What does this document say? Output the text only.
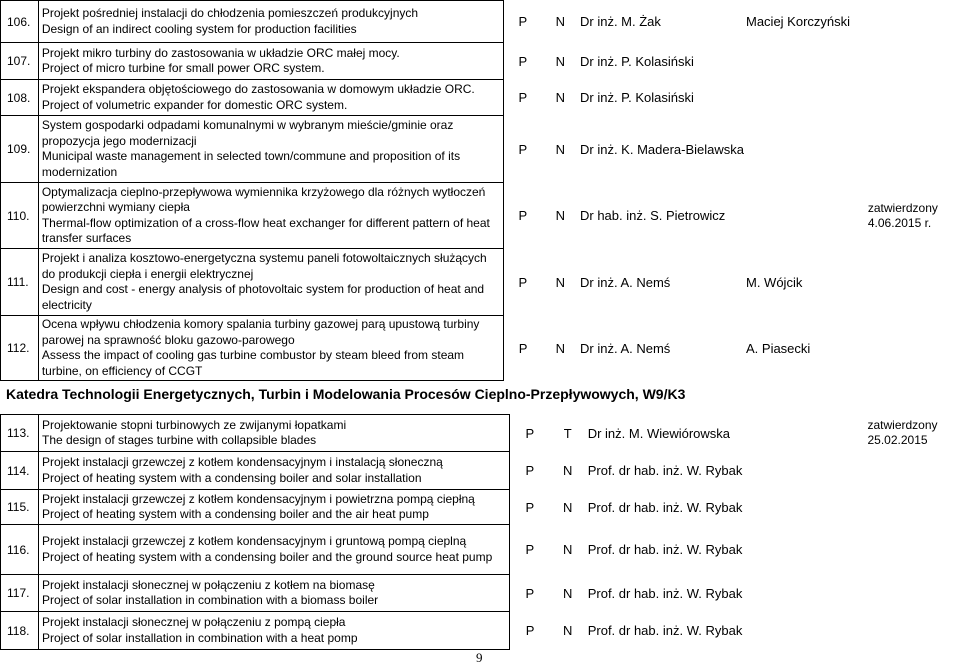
106.	Projekt pośredniej instalacji do chłodzenia pomieszczeń produkcyjnych
Design of an indirect cooling system for production facilities	P	N	Dr inż. M. Żak	Maciej Korczyński	
107.	Projekt mikro turbiny do zastosowania w układzie ORC małej mocy.
Project of micro turbine for small power ORC system.	P	N	Dr inż. P. Kolasiński		
108.	Projekt ekspandera objętościowego do zastosowania w domowym układzie ORC.
Project of volumetric expander for domestic ORC system.	P	N	Dr inż. P. Kolasiński		
109.	System gospodarki odpadami komunalnymi w wybranym mieście/gminie oraz propozycja jego modernizacji
Municipal waste management in selected town/commune and proposition of its modernization	P	N	Dr inż. K. Madera-Bielawska		
110.	Optymalizacja cieplno-przepływowa wymiennika krzyżowego dla różnych wytłoczeń powierzchni wymiany ciepła
Thermal-flow optimization of a cross-flow heat exchanger for different pattern of heat transfer surfaces	P	N	Dr hab. inż. S. Pietrowicz		zatwierdzony 4.06.2015 r.
111.	Projekt i analiza kosztowo-energetyczna systemu paneli fotowoltaicznych służących do produkcji ciepła i energii elektrycznej
Design and cost - energy analysis of photovoltaic system for production of heat and electricity	P	N	Dr inż. A. Nemś	M. Wójcik	
112.	Ocena wpływu chłodzenia komory spalania turbiny gazowej parą upustową turbiny parowej na sprawność bloku gazowo-parowego
Assess the impact of cooling gas turbine combustor by steam bleed from steam turbine, on efficiency of CCGT	P	N	Dr inż. A. Nemś	A. Piasecki	
Katedra Technologii Energetycznych, Turbin i Modelowania Procesów Cieplno-Przepływowych, W9/K3
113.	Projektowanie stopni turbinowych ze zwijanymi łopatkami
The design of stages turbine with collapsible blades	P	T	Dr inż. M. Wiewiórowska		zatwierdzony 25.02.2015
114.	Projekt instalacji grzewczej z kotłem kondensacyjnym i instalacją słoneczną
Project of heating system with a condensing boiler and solar installation	P	N	Prof. dr hab. inż. W. Rybak		
115.	Projekt instalacji grzewczej z kotłem kondensacyjnym i powietrzna pompą ciepłną
Project of heating system with a condensing boiler and the air heat pump	P	N	Prof. dr hab. inż. W. Rybak		
116.	Projekt instalacji grzewczej z kotłem kondensacyjnym i gruntową pompą cieplną
Project of heating system with a condensing boiler and the ground source heat pump	P	N	Prof. dr hab. inż. W. Rybak		
117.	Projekt instalacji słonecznej w połączeniu z kotłem na biomasę
Project of solar installation in combination with a biomass boiler	P	N	Prof. dr hab. inż. W. Rybak		
118.	Projekt instalacji słonecznej w połączeniu z pompą ciepła
Project of solar installation in combination with a heat pomp	P	N	Prof. dr hab. inż. W. Rybak		
9
